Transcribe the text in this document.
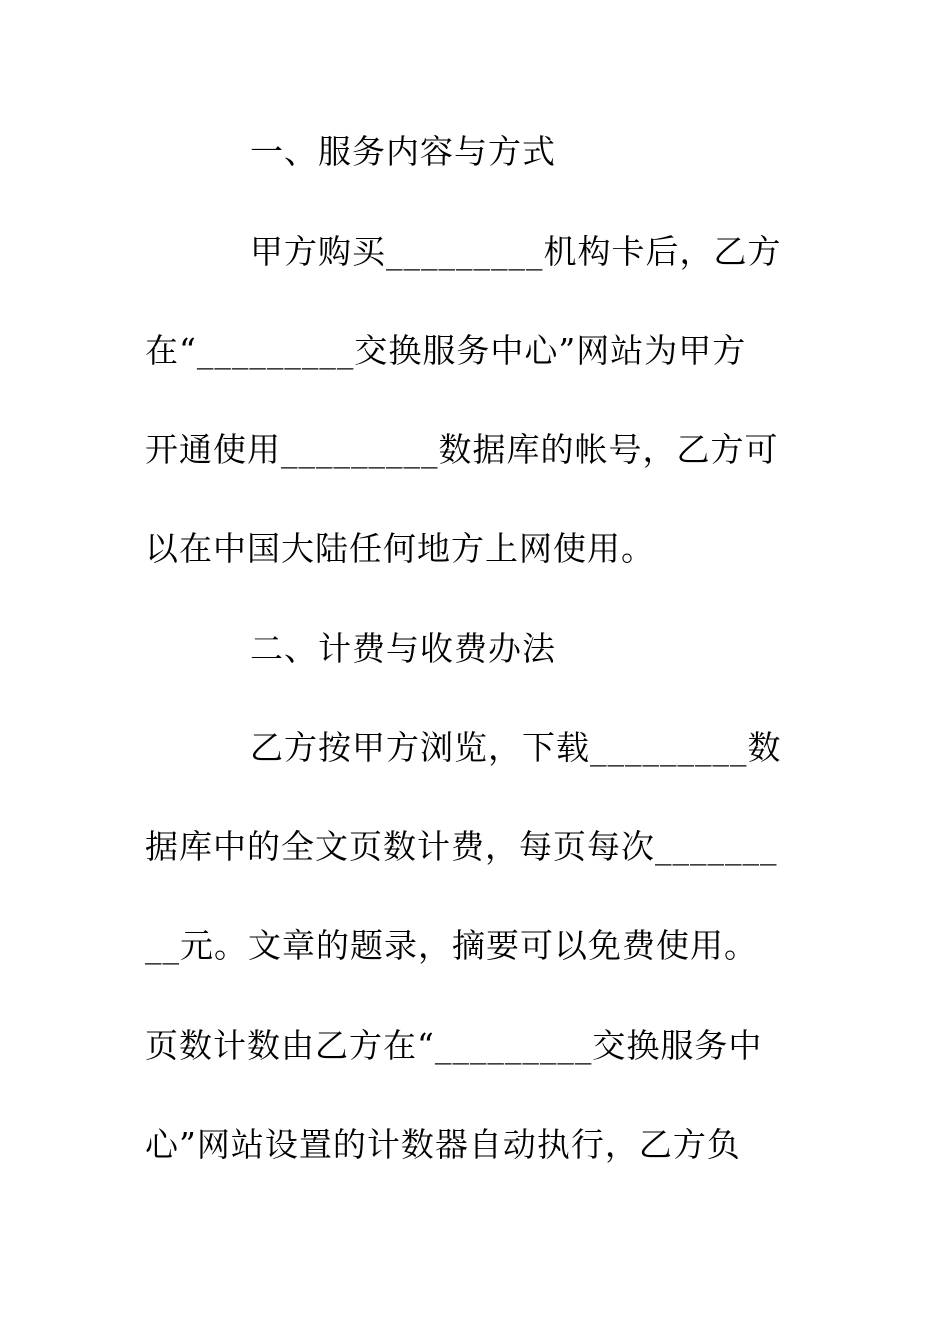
一、服务内容与方式
甲方购买_________机构卡后，乙方
在“_________交换服务中心”网站为甲方
开通使用_________数据库的帐号，乙方可
以在中国大陆任何地方上网使用。
二、计费与收费办法
乙方按甲方浏览，下载_________数
据库中的全文页数计费，每页每次_______
__元。文章的题录，摘要可以免费使用。
页数计数由乙方在“_________交换服务中
心”网站设置的计数器自动执行，乙方负
